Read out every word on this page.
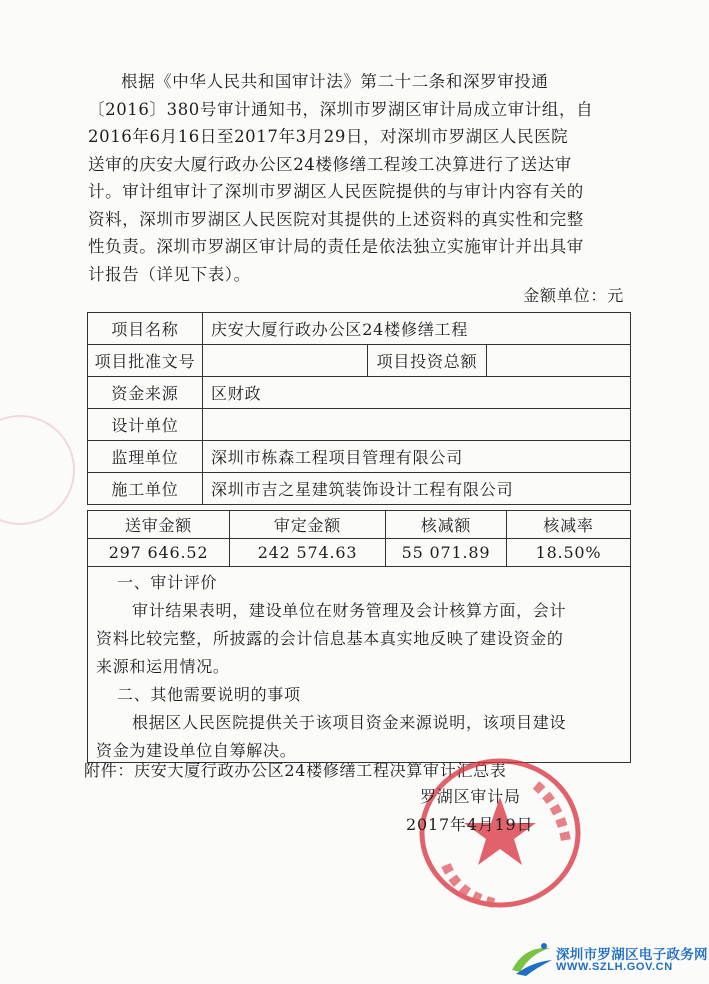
根据《中华人民共和国审计法》第二十二条和深罗审投通
〔2016〕380号审计通知书，深圳市罗湖区审计局成立审计组，自
2016年6月16日至2017年3月29日，对深圳市罗湖区人民医院
送审的庆安大厦行政办公区24楼修缮工程竣工决算进行了送达审
计。审计组审计了深圳市罗湖区人民医院提供的与审计内容有关的
资料，深圳市罗湖区人民医院对其提供的上述资料的真实性和完整
性负责。深圳市罗湖区审计局的责任是依法独立实施审计并出具审
计报告（详见下表）。
金额单位：元
项目名称	庆安大厦行政办公区24楼修缮工程		
项目批准文号		项目投资总额	
资金来源	区财政		
设计单位			
监理单位	深圳市栋森工程项目管理有限公司		
施工单位	深圳市吉之星建筑装饰设计工程有限公司		
送审金额	审定金额	核减额	核减率
297 646.52	242 574.63	55 071.89	18.50%
一、审计评价
审计结果表明，建设单位在财务管理及会计核算方面，会计
资料比较完整，所披露的会计信息基本真实地反映了建设资金的
来源和运用情况。
二、其他需要说明的事项
根据区人民医院提供关于该项目资金来源说明，该项目建设
资金为建设单位自筹解决。
附件：庆安大厦行政办公区24楼修缮工程决算审计汇总表
罗湖区审计局
2017年4月19日
深圳市罗湖区电子政务网
WWW.SZLH.GOV.CN
